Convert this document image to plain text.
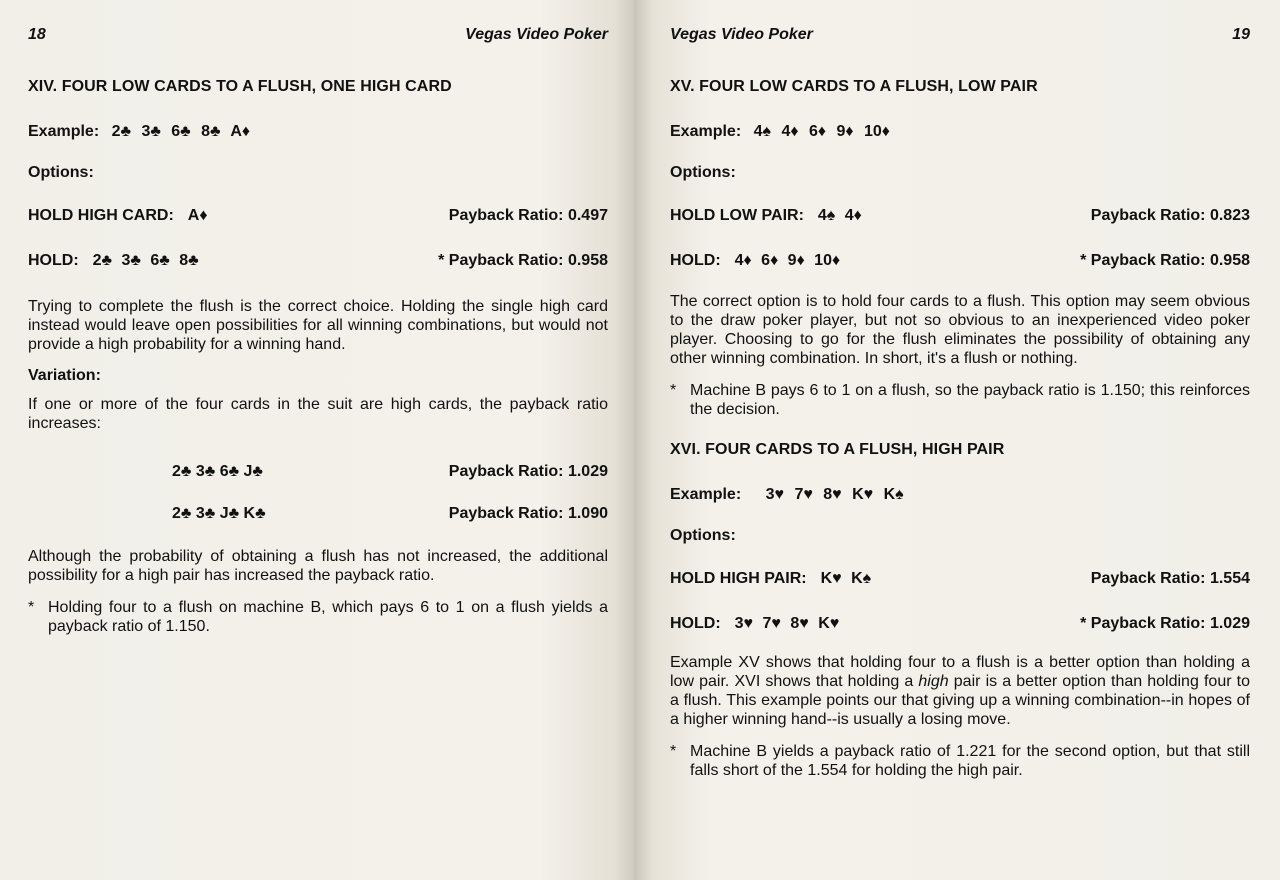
18	Vegas Video Poker
XIV. FOUR LOW CARDS TO A FLUSH, ONE HIGH CARD
Example: 2♣ 3♣ 6♣ 8♣ A♦
Options:
HOLD HIGH CARD: A♦	Payback Ratio: 0.497
HOLD: 2♣ 3♣ 6♣ 8♣	* Payback Ratio: 0.958

Trying to complete the flush is the correct choice. Holding the single high card instead would leave open possibilities for all winning combinations, but would not provide a high probability for a winning hand.

Variation:

If one or more of the four cards in the suit are high cards, the payback ratio increases:

2♣ 3♣ 6♣ J♣	Payback Ratio: 1.029
2♣ 3♣ J♣ K♣	Payback Ratio: 1.090

Although the probability of obtaining a flush has not increased, the additional possibility for a high pair has increased the payback ratio.

* Holding four to a flush on machine B, which pays 6 to 1 on a flush yields a payback ratio of 1.150.
Vegas Video Poker	19
XV. FOUR LOW CARDS TO A FLUSH, LOW PAIR
Example: 4♠ 4♦ 6♦ 9♦ 10♦
Options:
HOLD LOW PAIR: 4♠ 4♦	Payback Ratio: 0.823
HOLD: 4♦ 6♦ 9♦ 10♦	* Payback Ratio: 0.958

The correct option is to hold four cards to a flush. This option may seem obvious to the draw poker player, but not so obvious to an inexperienced video poker player. Choosing to go for the flush eliminates the possibility of obtaining any other winning combination. In short, it's a flush or nothing.

* Machine B pays 6 to 1 on a flush, so the payback ratio is 1.150; this reinforces the decision.
XVI. FOUR CARDS TO A FLUSH, HIGH PAIR
Example: 3♥ 7♥ 8♥ K♥ K♠
Options:
HOLD HIGH PAIR: K♥ K♠	Payback Ratio: 1.554
HOLD: 3♥ 7♥ 8♥ K♥	* Payback Ratio: 1.029

Example XV shows that holding four to a flush is a better option than holding a low pair. XVI shows that holding a high pair is a better option than holding four to a flush. This example points our that giving up a winning combination--in hopes of a higher winning hand--is usually a losing move.

* Machine B yields a payback ratio of 1.221 for the second option, but that still falls short of the 1.554 for holding the high pair.
